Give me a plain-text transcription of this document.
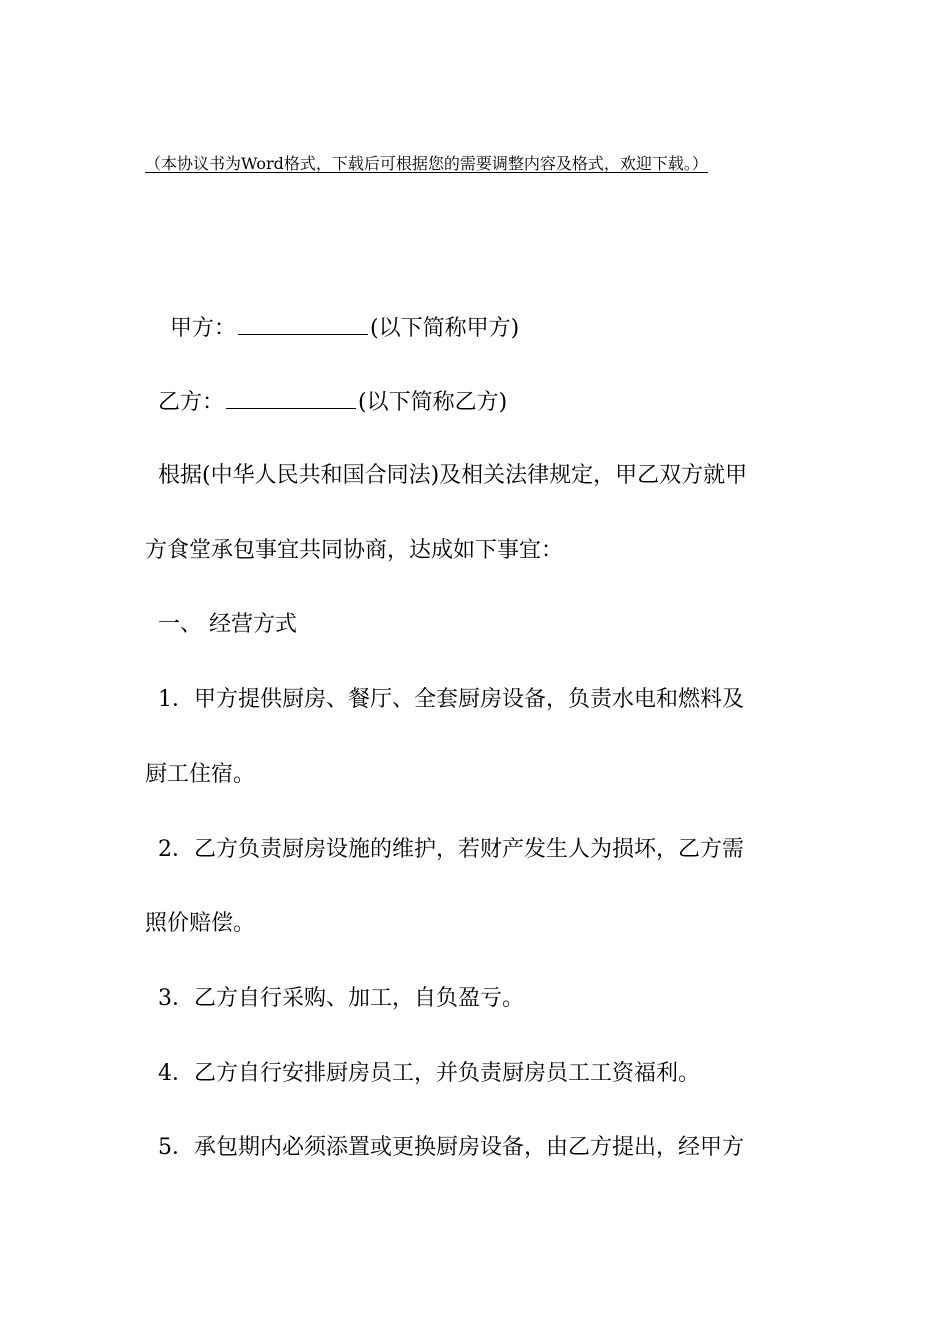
（本协议书为Word格式，下载后可根据您的需要调整内容及格式，欢迎下载。）
甲方：	(以下简称甲方)
乙方：	(以下简称乙方)
根据(中华人民共和国合同法)及相关法律规定，甲乙双方就甲
方食堂承包事宜共同协商，达成如下事宜：
一、 经营方式
1．甲方提供厨房、餐厅、全套厨房设备，负责水电和燃料及
厨工住宿。
2．乙方负责厨房设施的维护，若财产发生人为损坏，乙方需
照价赔偿。
3．乙方自行采购、加工，自负盈亏。
4．乙方自行安排厨房员工，并负责厨房员工工资福利。
5．承包期内必须添置或更换厨房设备，由乙方提出，经甲方
